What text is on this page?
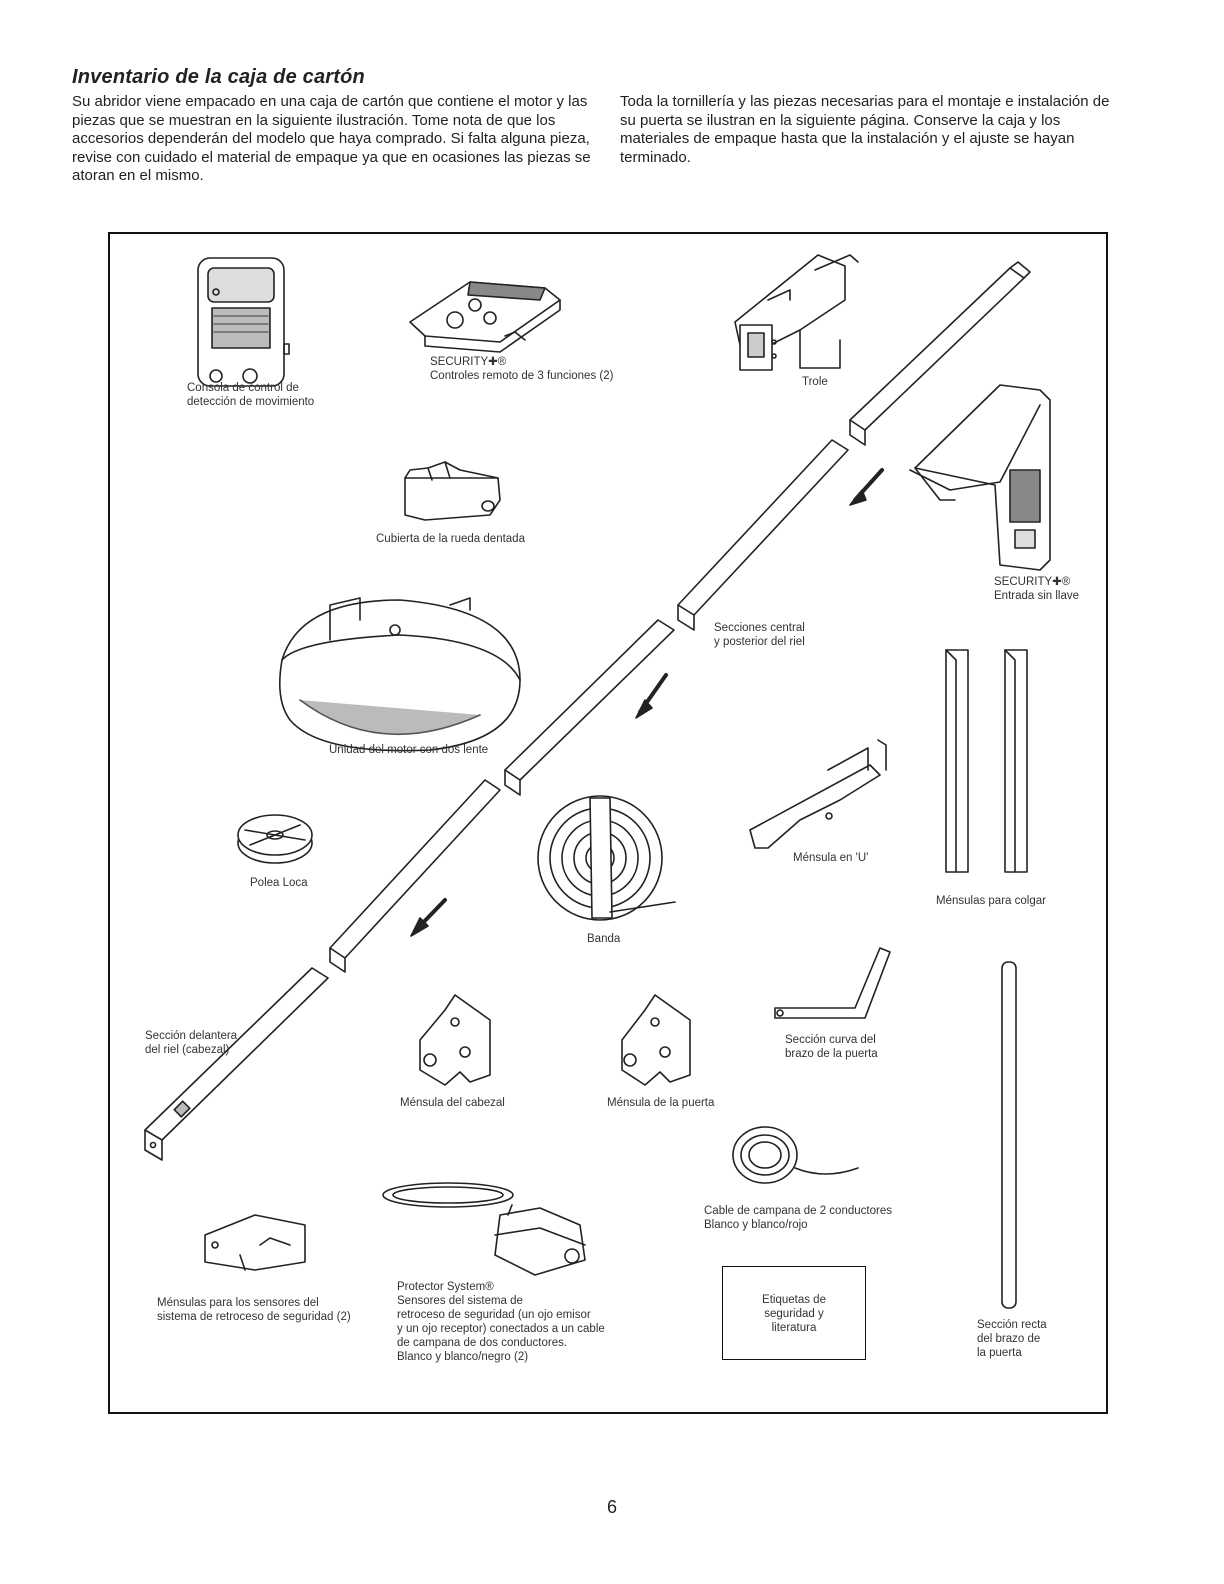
Inventario de la caja de cartón
Su abridor viene empacado en una caja de cartón que contiene el motor y las piezas que se muestran en la siguiente ilustración. Tome nota de que los accesorios dependerán del modelo que haya comprado. Si falta alguna pieza, revise con cuidado el material de empaque ya que en ocasiones las piezas se atoran en el mismo.
Toda la tornillería y las piezas necesarias para el montaje e instalación de su puerta se ilustran en la siguiente página. Conserve la caja y los materiales de empaque hasta que la instalación y el ajuste se hayan terminado.
Consola de control de
detección de movimiento
SECURITY✚®
Controles remoto de 3 funciones (2)	Trole
Cubierta de la rueda dentada
SECURITY✚®
Entrada sin llave
Secciones central
y posterior del riel
Unidad del motor con dos lente
Ménsulas para colgar
Ménsula en 'U'
Polea Loca
Banda
Sección delantera
del riel (cabezal)
Sección curva del
brazo de la puerta
Ménsula del cabezal	Ménsula de la puerta
Cable de campana de 2 conductores
Blanco y blanco/rojo
Ménsulas para los sensores del
sistema de retroceso de seguridad (2)
Protector System®
Sensores del sistema de
retroceso de seguridad (un ojo emisor
y un ojo receptor) conectados a un cable
de campana de dos conductores.
Blanco y blanco/negro (2)
Sección recta
del brazo de
la puerta
Etiquetas de
seguridad y
literatura
6
